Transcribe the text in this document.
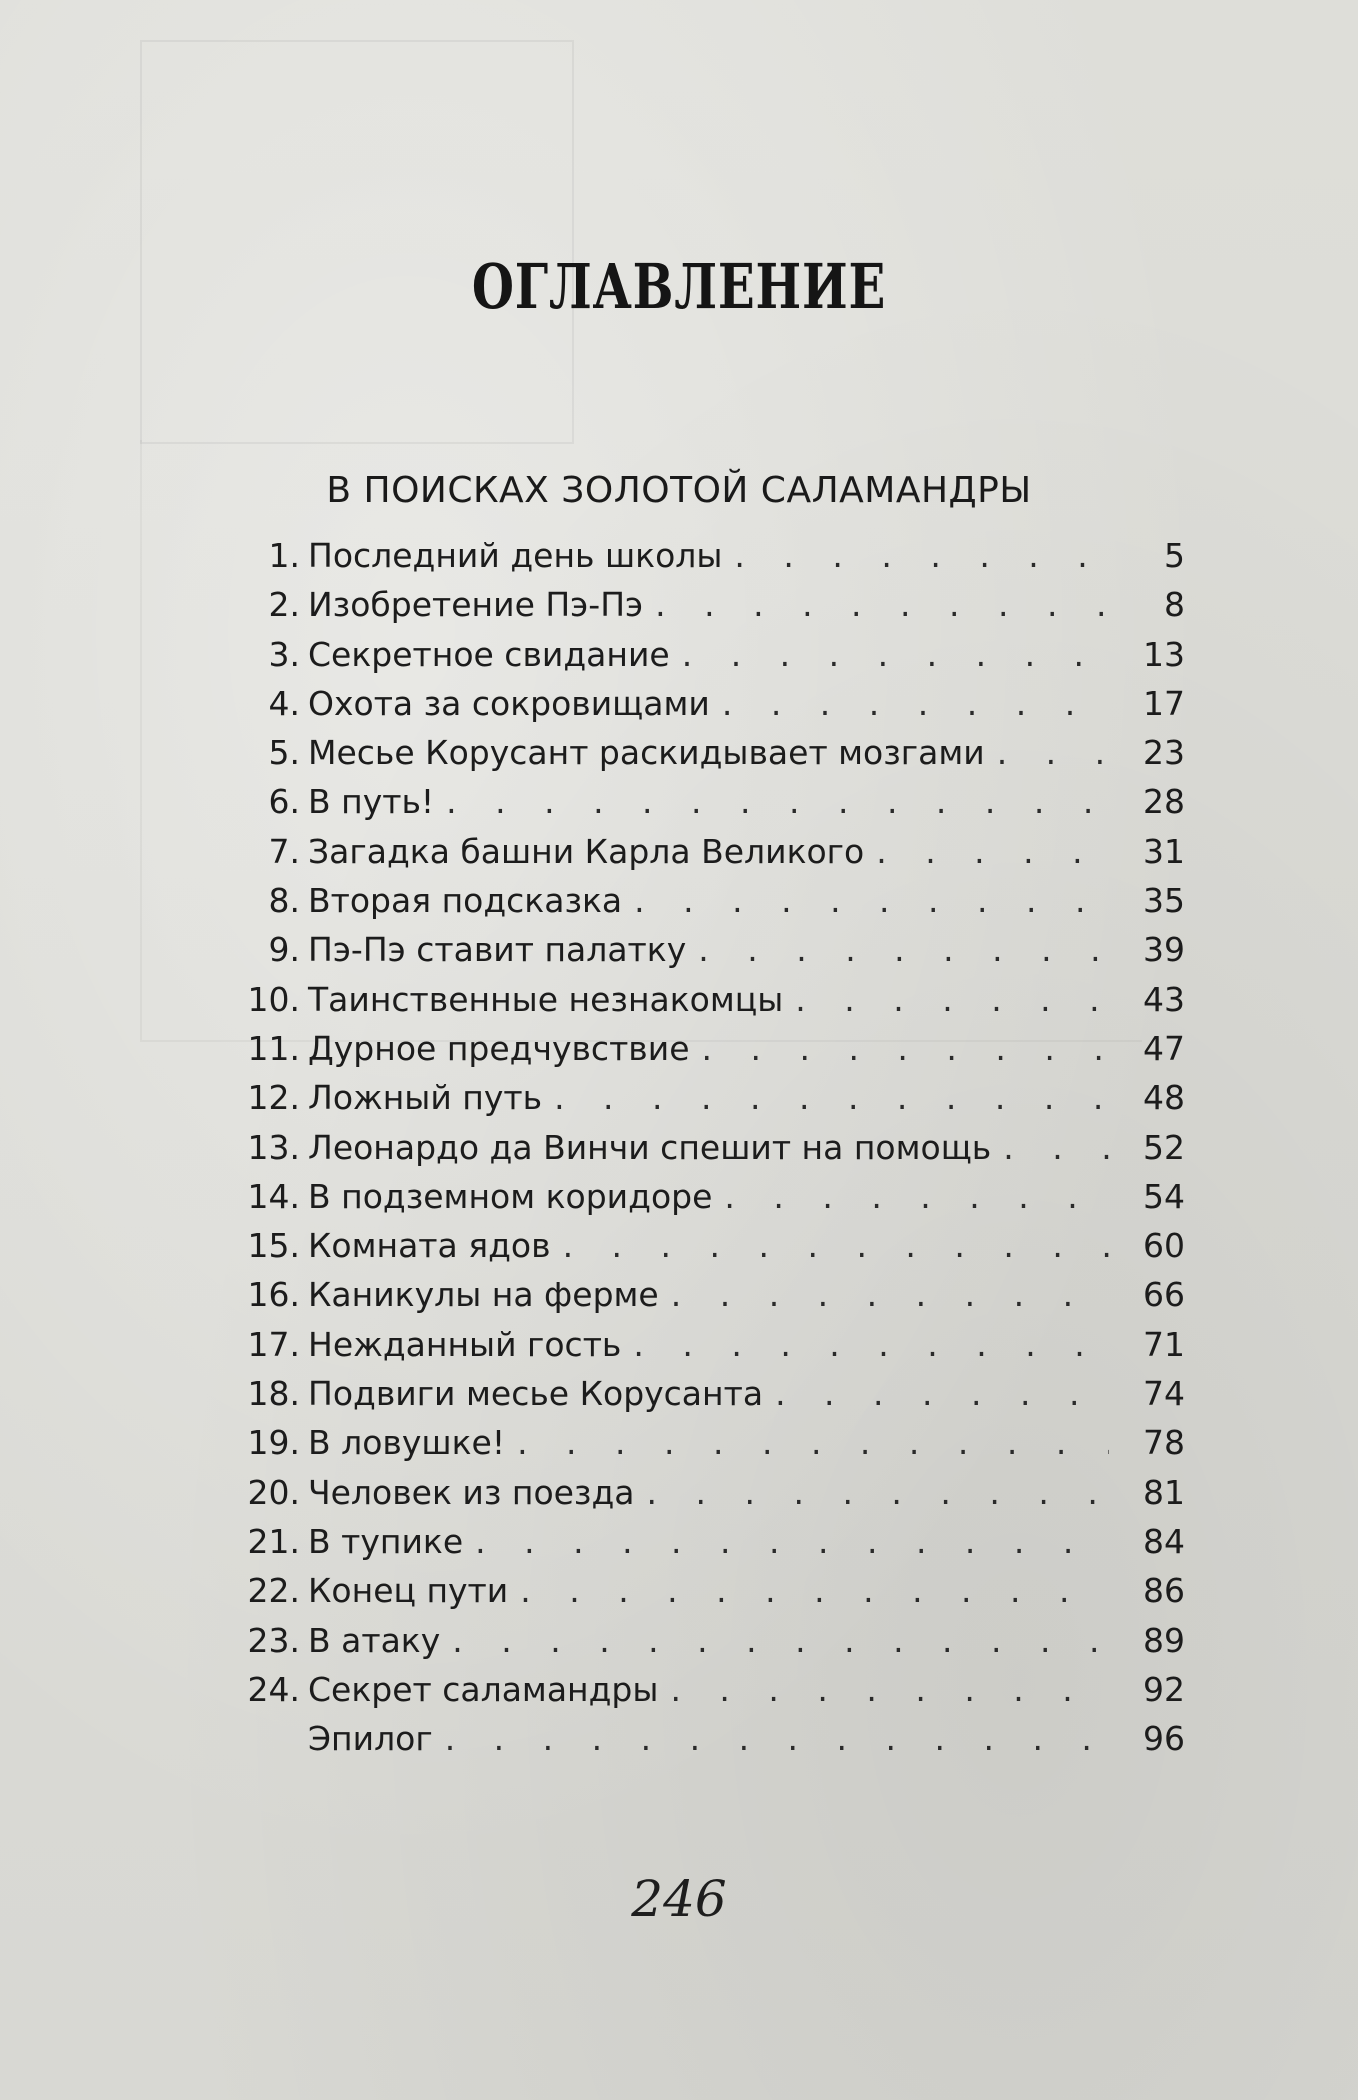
ОГЛАВЛЕНИЕ
В ПОИСКАХ ЗОЛОТОЙ САЛАМАНДРЫ
1. Последний день школы . . .	5
2. Изобретение Пэ-Пэ . . .	8
3. Секретное свидание . . .	13
4. Охота за сокровищами . . .	17
5. Месье Корусант раскидывает мозгами . . .	23
6. В путь! . . .	28
7. Загадка башни Карла Великого . . .	31
8. Вторая подсказка . . .	35
9. Пэ-Пэ ставит палатку . . .	39
10. Таинственные незнакомцы . . .	43
11. Дурное предчувствие . . .	47
12. Ложный путь . . .	48
13. Леонардо да Винчи спешит на помощь . . .	52
14. В подземном коридоре . . .	54
15. Комната ядов . . .	60
16. Каникулы на ферме . . .	66
17. Нежданный гость . . .	71
18. Подвиги месье Корусанта . . .	74
19. В ловушке! . . .	78
20. Человек из поезда . . .	81
21. В тупике . . .	84
22. Конец пути . . .	86
23. В атаку . . .	89
24. Секрет саламандры . . .	92
Эпилог . . .	96
246
